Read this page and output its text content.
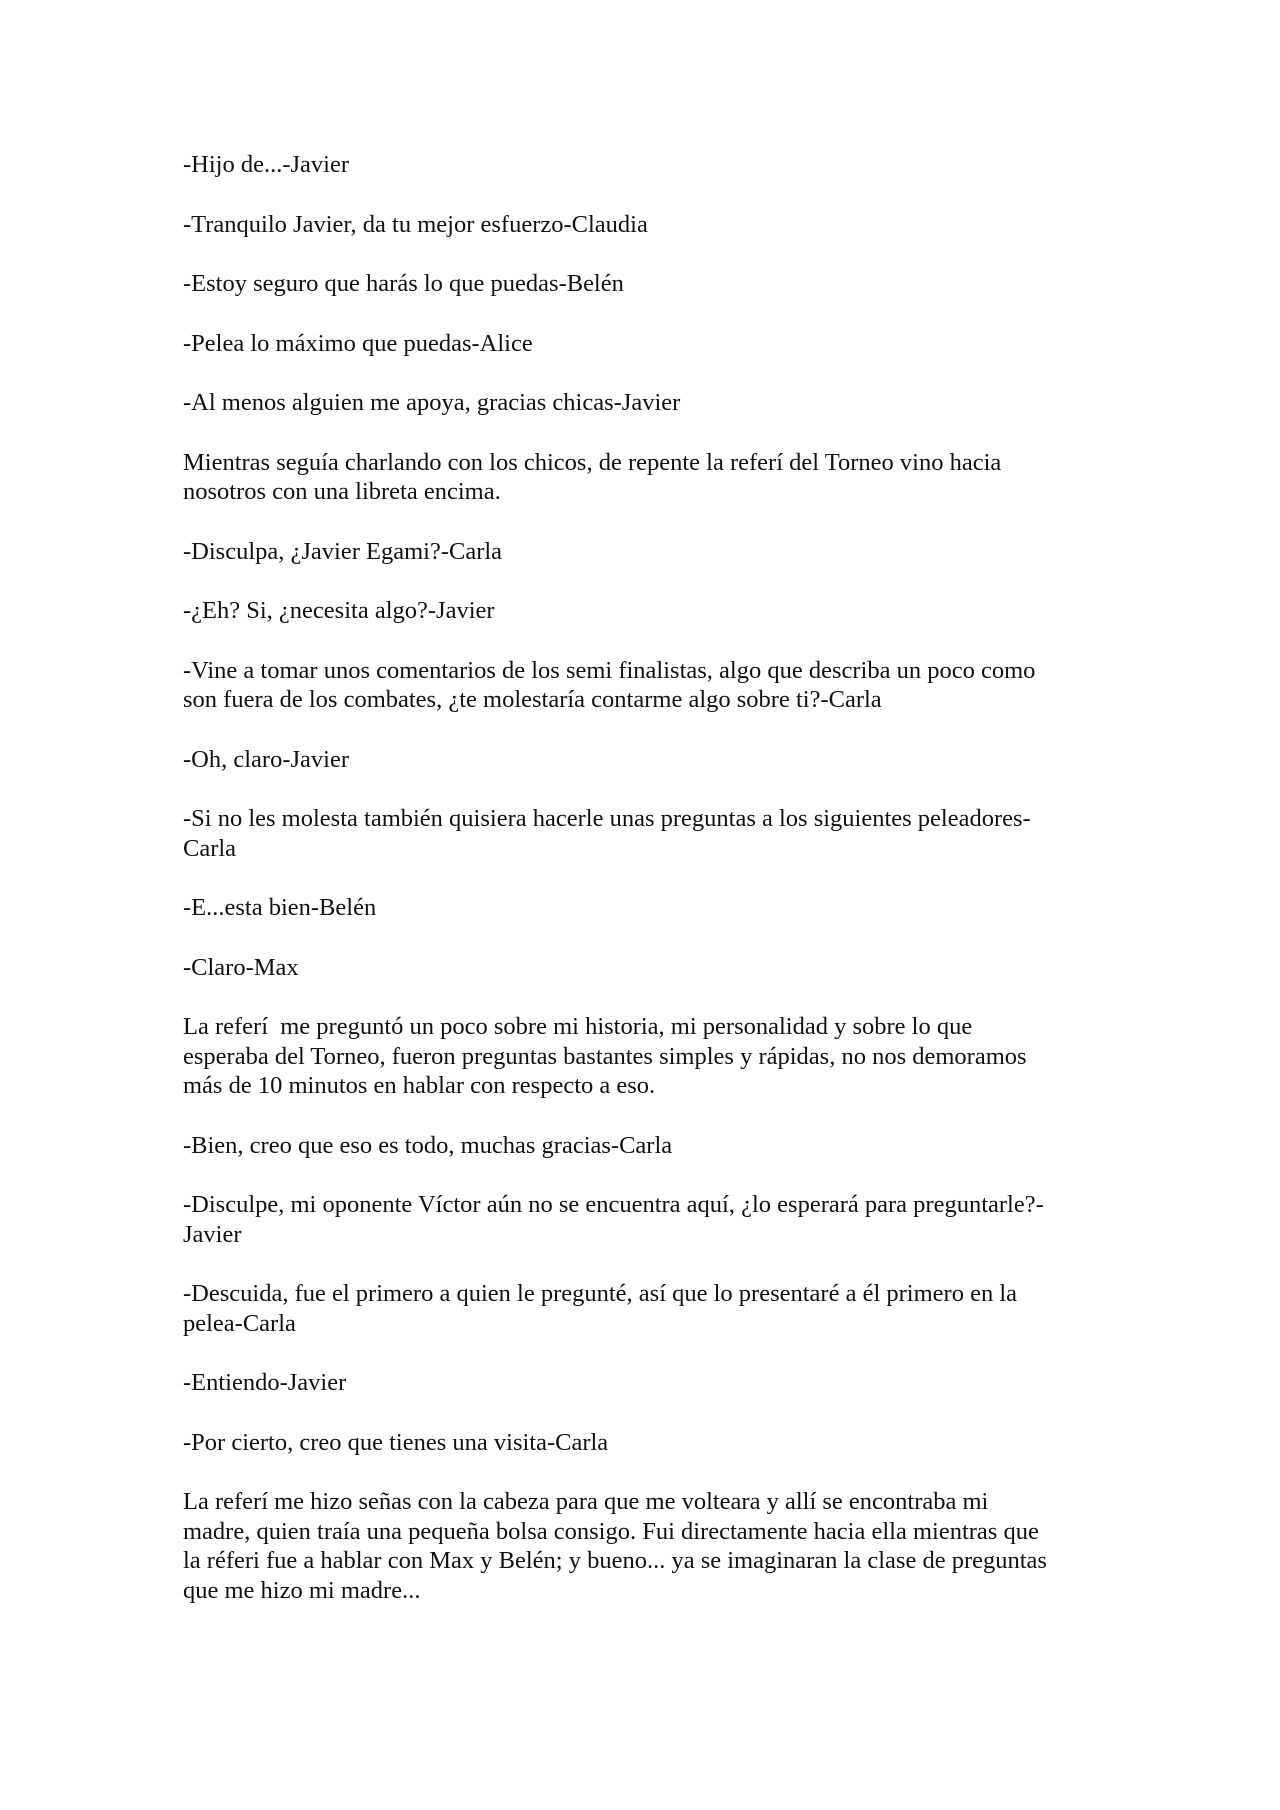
-Hijo de...-Javier

-Tranquilo Javier, da tu mejor esfuerzo-Claudia

-Estoy seguro que harás lo que puedas-Belén

-Pelea lo máximo que puedas-Alice

-Al menos alguien me apoya, gracias chicas-Javier

Mientras seguía charlando con los chicos, de repente la referí del Torneo vino hacia
nosotros con una libreta encima.

-Disculpa, ¿Javier Egami?-Carla

-¿Eh? Si, ¿necesita algo?-Javier

-Vine a tomar unos comentarios de los semi finalistas, algo que describa un poco como
son fuera de los combates, ¿te molestaría contarme algo sobre ti?-Carla

-Oh, claro-Javier

-Si no les molesta también quisiera hacerle unas preguntas a los siguientes peleadores-
Carla

-E...esta bien-Belén

-Claro-Max

La referí  me preguntó un poco sobre mi historia, mi personalidad y sobre lo que
esperaba del Torneo, fueron preguntas bastantes simples y rápidas, no nos demoramos
más de 10 minutos en hablar con respecto a eso.

-Bien, creo que eso es todo, muchas gracias-Carla

-Disculpe, mi oponente Víctor aún no se encuentra aquí, ¿lo esperará para preguntarle?-
Javier

-Descuida, fue el primero a quien le pregunté, así que lo presentaré a él primero en la
pelea-Carla

-Entiendo-Javier

-Por cierto, creo que tienes una visita-Carla

La referí me hizo señas con la cabeza para que me volteara y allí se encontraba mi
madre, quien traía una pequeña bolsa consigo. Fui directamente hacia ella mientras que
la réferi fue a hablar con Max y Belén; y bueno... ya se imaginaran la clase de preguntas
que me hizo mi madre...
